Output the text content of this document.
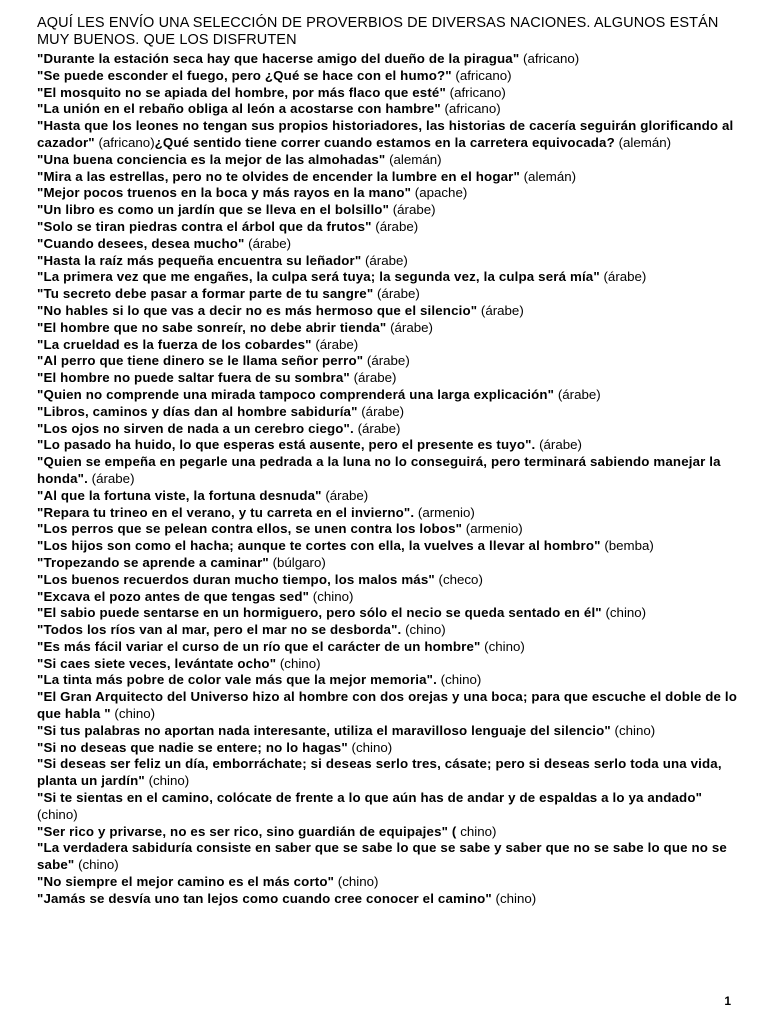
AQUÍ LES ENVÍO UNA SELECCIÓN DE PROVERBIOS DE DIVERSAS NACIONES. ALGUNOS ESTÁN MUY BUENOS. QUE LOS DISFRUTEN

"Durante la estación seca hay que hacerse amigo del dueño de la piragua" (africano)
"Se puede esconder el fuego, pero ¿Qué se hace con el humo?" (africano)
"El mosquito no se apiada del hombre, por más flaco que esté" (africano)
"La unión en el rebaño obliga al león a acostarse con hambre" (africano)
"Hasta que los leones no tengan sus propios historiadores, las historias de cacería seguirán glorificando al cazador" (africano)¿Qué sentido tiene correr cuando estamos en la carretera equivocada? (alemán)
"Una buena conciencia es la mejor de las almohadas" (alemán)
"Mira a las estrellas, pero no te olvides de encender la lumbre en el hogar" (alemán)
"Mejor pocos truenos en la boca y más rayos en la mano" (apache)
"Un libro es como un jardín que se lleva en el bolsillo" (árabe)
"Solo se tiran piedras contra el árbol que da frutos" (árabe)
"Cuando desees, desea mucho" (árabe)
"Hasta la raíz más pequeña encuentra su leñador" (árabe)
"La primera vez que me engañes, la culpa será tuya; la segunda vez, la culpa será mía" (árabe)
"Tu secreto debe pasar a formar parte de tu sangre" (árabe)
"No hables si lo que vas a decir no es más hermoso que el silencio" (árabe)
"El hombre que no sabe sonreír, no debe abrir tienda" (árabe)
"La crueldad es la fuerza de los cobardes" (árabe)
"Al perro que tiene dinero se le llama señor perro" (árabe)
"El hombre no puede saltar fuera de su sombra" (árabe)
"Quien no comprende una mirada tampoco comprenderá una larga explicación" (árabe)
"Libros, caminos y días dan al hombre sabiduría" (árabe)
"Los ojos no sirven de nada a un cerebro ciego". (árabe)
"Lo pasado ha huido, lo que esperas está ausente, pero el presente es tuyo". (árabe)
"Quien se empeña en pegarle una pedrada a la luna no lo conseguirá, pero terminará sabiendo manejar la honda". (árabe)
"Al que la fortuna viste, la fortuna desnuda" (árabe)
"Repara tu trineo en el verano, y tu carreta en el invierno". (armenio)
"Los perros que se pelean contra ellos, se unen contra los lobos" (armenio)
"Los hijos son como el hacha; aunque te cortes con ella, la vuelves a llevar al hombro" (bemba)
"Tropezando se aprende a caminar" (búlgaro)
"Los buenos recuerdos duran mucho tiempo, los malos más" (checo)
"Excava el pozo antes de que tengas sed" (chino)
"El sabio puede sentarse en un hormiguero, pero sólo el necio se queda sentado en él" (chino)
"Todos los ríos van al mar, pero el mar no se desborda". (chino)
"Es más fácil variar el curso de un río que el carácter de un hombre" (chino)
"Si caes siete veces, levántate ocho" (chino)
"La tinta más pobre de color vale más que la mejor memoria". (chino)
"El Gran Arquitecto del Universo hizo al hombre con dos orejas y una boca; para que escuche el doble de lo que habla " (chino)
"Si tus palabras no aportan nada interesante, utiliza el maravilloso lenguaje del silencio" (chino)
"Si no deseas que nadie se entere; no lo hagas" (chino)
"Si deseas ser feliz un día, emborráchate; si deseas serlo tres, cásate; pero si deseas serlo toda una vida, planta un jardín" (chino)
"Si te sientas en el camino, colócate de frente a lo que aún has de andar y de espaldas a lo ya andado" (chino)
"Ser rico y privarse, no es ser rico, sino guardián de equipajes" ( chino)
"La verdadera sabiduría consiste en saber que se sabe lo que se sabe y saber que no se sabe lo que no se sabe" (chino)
"No siempre el mejor camino es el más corto" (chino)
"Jamás se desvía uno tan lejos como cuando cree conocer el camino" (chino)
1
